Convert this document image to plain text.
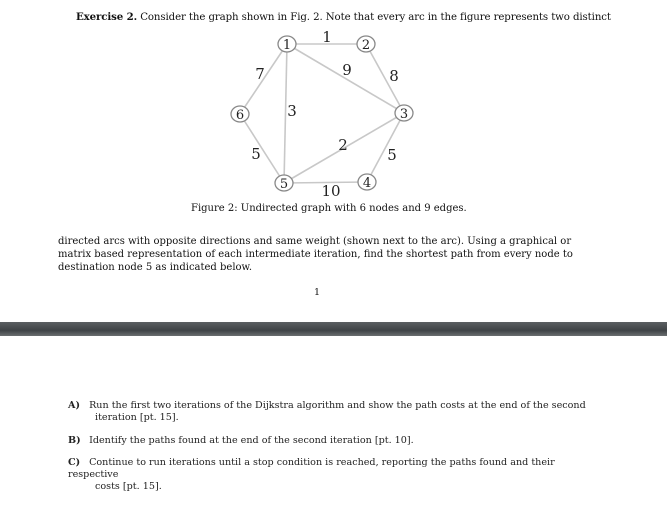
Exercise 2. Consider the graph shown in Fig. 2. Note that every arc in the figure represents two distinct
1	2
3
4
5
6
1
9 8
7
3
2
5
5
10
Figure 2: Undirected graph with 6 nodes and 9 edges.
directed arcs with opposite directions and same weight (shown next to the arc). Using a graphical or matrix based representation of each intermediate iteration, find the shortest path from every node to destination node 5 as indicated below.
1
A) Run the first two iterations of the Dijkstra algorithm and show the path costs at the end of the second
iteration [pt. 15].
B) Identify the paths found at the end of the second iteration [pt. 10].
C) Continue to run iterations until a stop condition is reached, reporting the paths found and their respective
costs [pt. 15].
